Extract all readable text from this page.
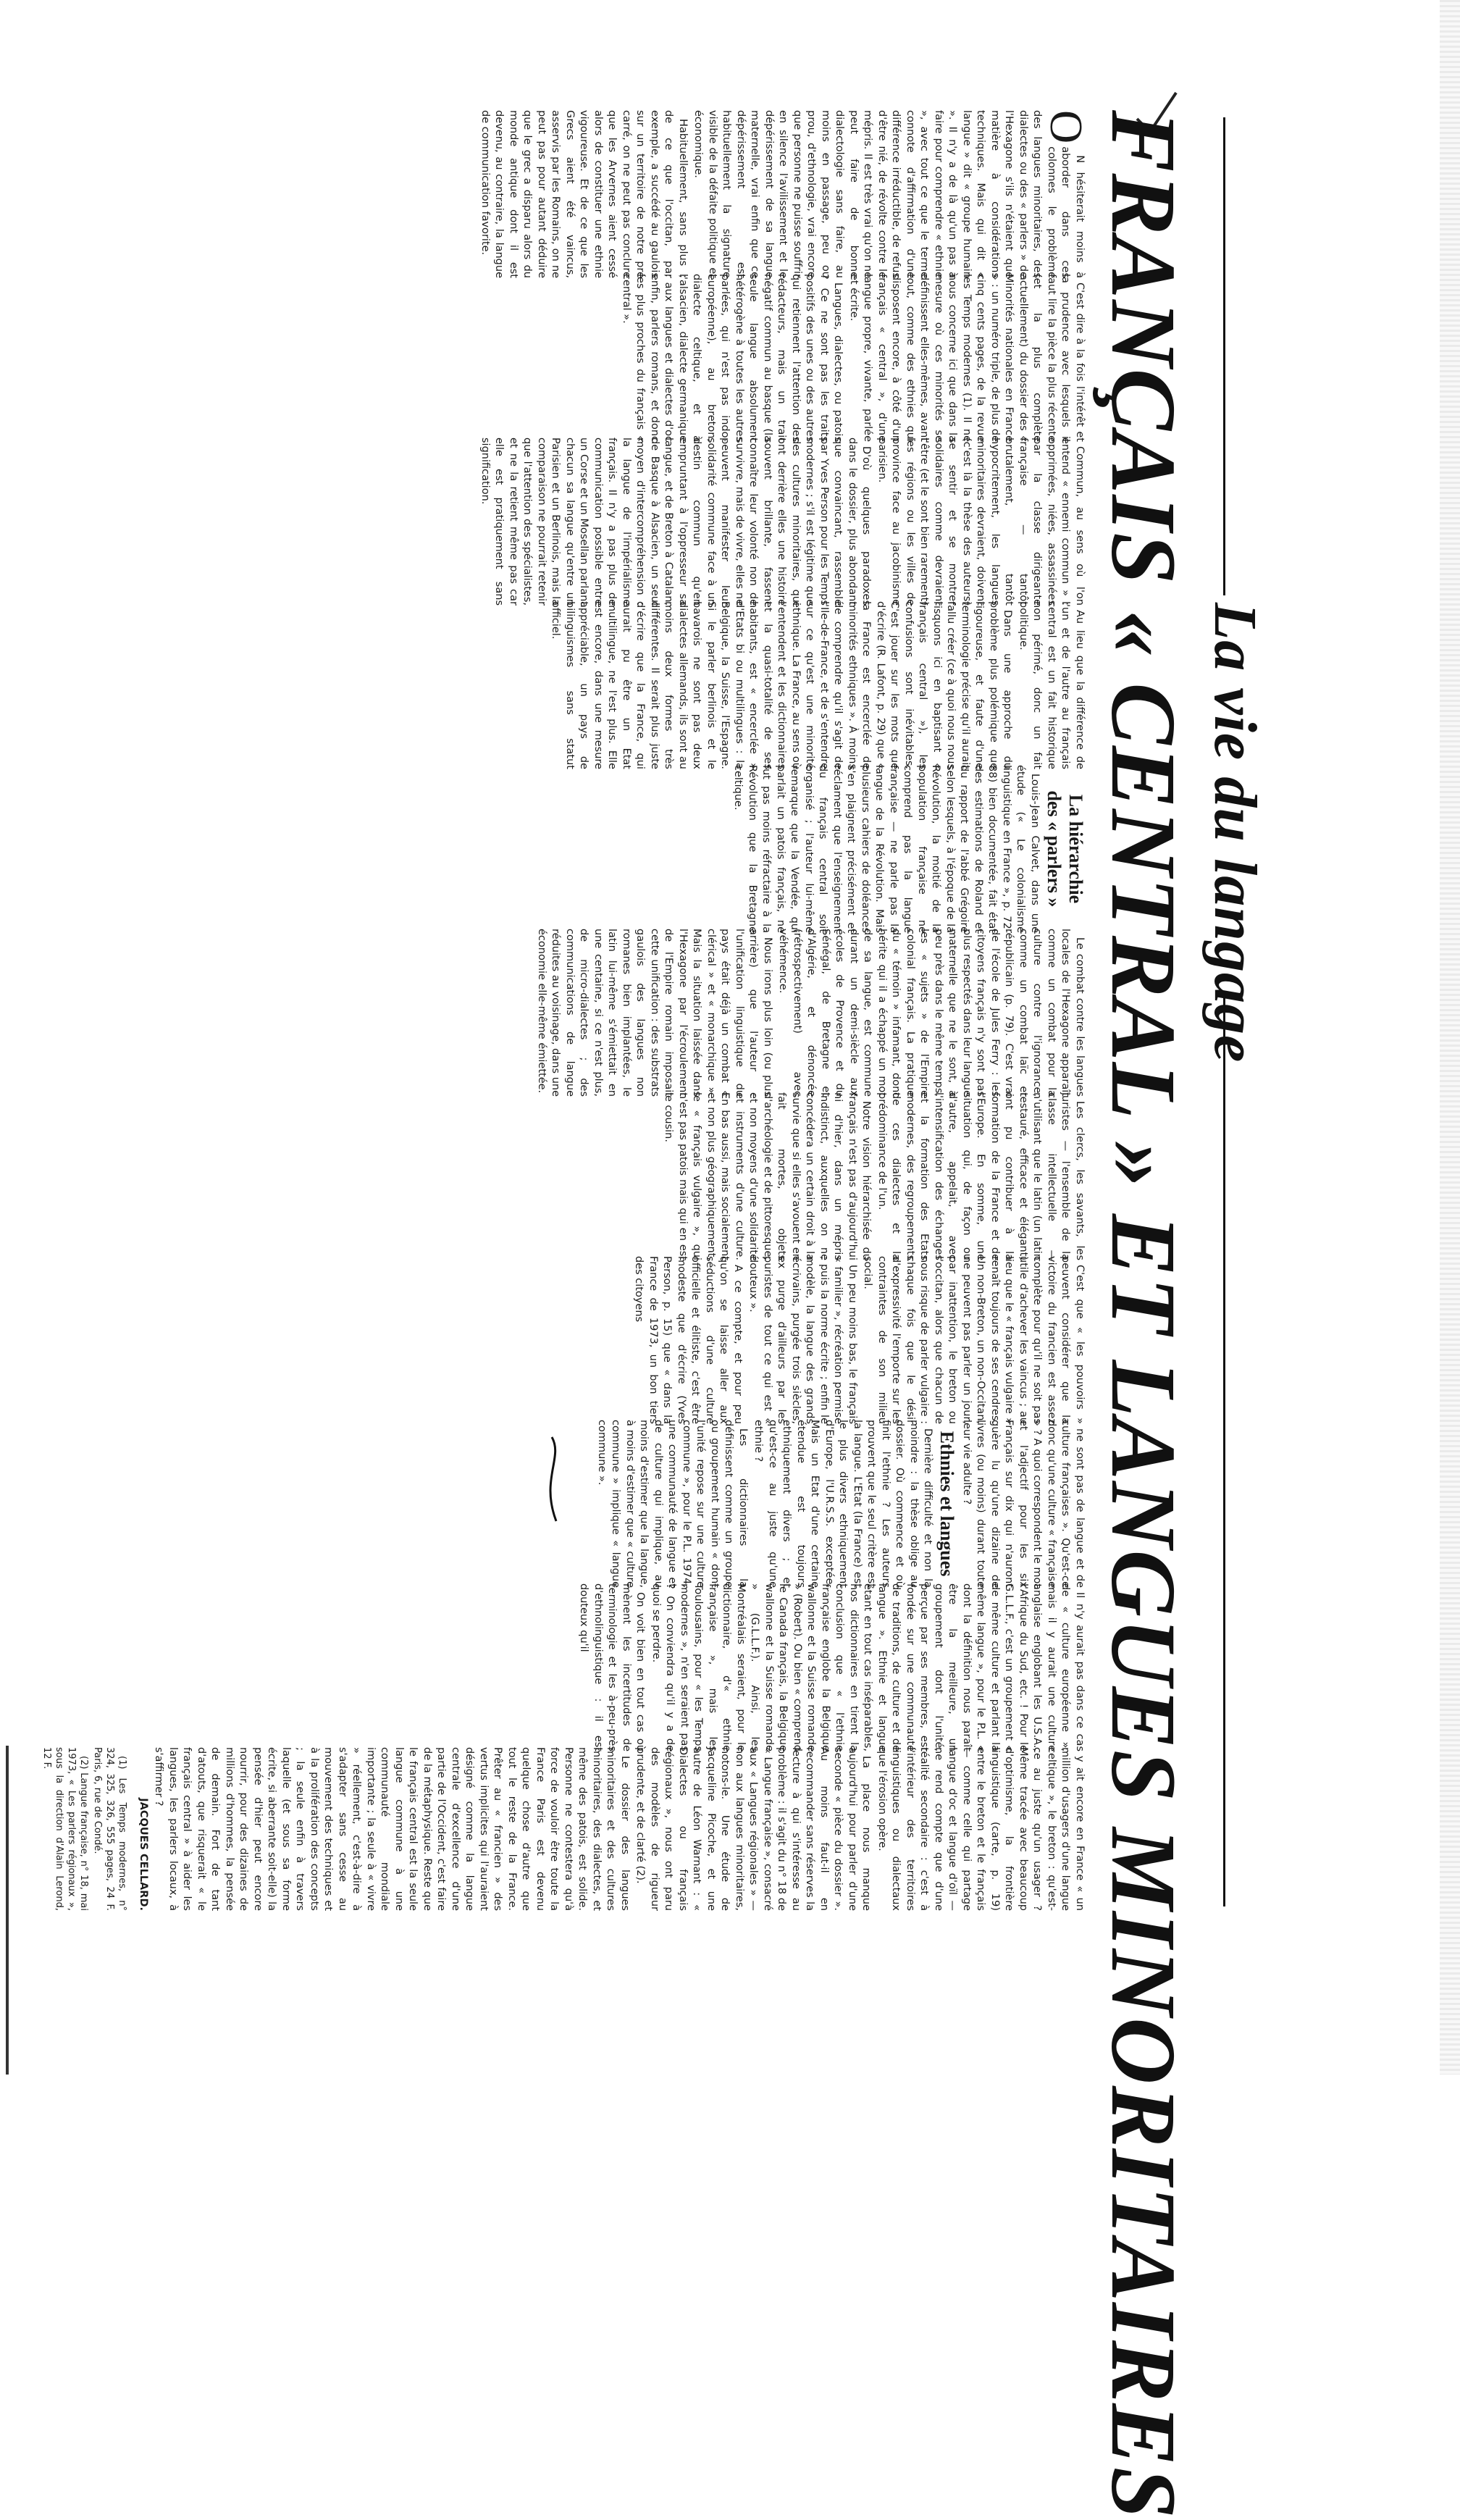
La vie du langage
FRANÇAIS « CENTRAL » ET LANGUES MINORITAIRES
O

N hésiterait moins à aborder dans ces colonnes le problème des langues minoritaires, des dialectes ou des « parlers » de l'Hexagone s'ils n'étaient que matière à considérations techniques. Mais qui dit « langue » dit « groupe humain ». Il n'y a de là qu'un pas à faire pour comprendre « ethnie », avec tout ce que le terme connote d'affirmation d'une différence irréductible, de refus d'être nié, de révolte contre le mépris. Il est très vrai qu'on ne peut faire de bonne dialectologie sans faire, au moins en passage, peu ou prou, d'ethnologie, vrai encore que personne ne puisse souffrir en silence l'avilissement et le dépérissement de sa langue maternelle, vrai enfin que ce dépérissement est habituellement la signature visible de la défaite politique et économique.

Habituellement, sans plus ; de ce que l'occitan, par exemple, a succédé au gaulois sur un territoire de notre pré carré, on ne peut pas conclure que les Arvernes aient cessé alors de constituer une ethnie vigoureuse. Et de ce que les Grecs aient été vaincus, asservis par les Romains, on ne peut pas pour autant déduire que le grec a disparu alors du monde antique dont il est devenu, au contraire, la langue de communication favorite.

C'est dire à la fois l'intérêt et la prudence avec lesquels il faut lire la pièce la plus récente (et la plus complète actuellement) du dossier des « Minorités nationales en France » : un numéro triple, de plus de cinq cents pages, de la revue les Temps modernes (1). Il ne nous concerne ici que dans la mesure où ces minorités se définissent elles-mêmes, avant tout, comme des ethnies qui disposent encore, à côté d'un français « central », d'une langue propre, vivante, parlée et écrite.

Langues, dialectes, ou patois ? Ce ne sont pas les traits positifs des unes ou des autres qui retiennent l'attention des rédacteurs, mais un trait négatif commun au basque (la seule langue absolument hétérogène à toutes les autres parlées, qui n'est pas indo-européenne), au breton, dialecte celtique, et à l'alsacien, dialecte germanique ; aux langues et dialectes d'oc enfin, parlers romans, et donc les plus proches du français « central ».

Commun, au sens où l'on entend « ennemi commun » : opprimées, niées, assassinées par la classe dirigeante française — tantôt brutalement, tantôt hypocritement, les langues minoritaires devraient, doivent (c'est là la thèse des auteurs) se sentir et se montrer solidaires comme devraient l'être (et le sont bien rarement) les régions ou les villes de province face au jacobinisme parisien.

D'où quelques paradoxes dans le dossier, plus abondant que convaincant, rassemblé par Yves Person pour les Temps modernes ; s'il est légitime que des cultures minoritaires, qui ont derrière elles une histoire souvent brillante, fassent connaître leur volonté non de survivre, mais de vivre, elles ne peuvent manifester leur solidarité commune face à un destin commun qu'en empruntant à l'oppresseur sa langue, et de Breton à Catalan, de Basque à Alsacien, un seul moyen d'intercompréhension : la langue de l'impérialisme français. Il n'y a pas plus de communication possible entre un Corse et un Mosellan parlant chacun sa langue qu'entre un Parisien et un Berlinois, mais la comparaison ne pourrait retenir que l'attention des spécialistes, et ne la retient même pas car elle est pratiquement sans signification.

Au lieu que la différence de l'un et de l'autre au français central est un fait historique non périmé, donc un fait politique.

Dans une approche du problème plus polémique que rigoureuse, et faute d'une terminologie précise qu'il aurait fallu créer (ce à quoi nous nous risquons ici en baptisant « français central »), les confusions sont inévitables. C'est jouer sur les mots que d'écrire (R. Lafont, p. 29) que « la France est encerclée de minorités ethniques ». À moins de comprendre qu'il s'agit de l'Ile-de-France, et de s'entendre sur ce qu'est une minorité ethnique. La France, au sens où l'entendent et les dictionnaires et la quasi-totalité de ses habitants, est « encerclée » d'Etats bi ou multilingues : la Belgique, la Suisse, l'Espagne. Si le parler berlinois et le bavarois ne sont pas deux dialectes allemands, ils sont au moins deux formes très différentes. Il serait plus juste d'écrire que la France, qui aurait pu être un Etat multilingue, ne l'est plus. Elle est encore, dans une mesure appréciable, un pays de bilinguismes sans statut officiel.

La hiérarchie
des « parlers »

Louis-Jean Calvet, dans une étude (« Le colonialisme linguistique en France », p. 72-88) bien documentée, fait état des estimations de Roland et du rapport de l'abbé Grégoire selon lesquels, à l'époque de la Révolution, la moitié de la population française ne comprend pas la langue française — ne parle pas la langue de la Révolution. Mais plusieurs cahiers de doléances s'en plaignent précisément et réclament que l'enseignement du français central soit organisé ; l'auteur lui-même remarque que la Vendée, qui parlait un patois français, ne fut pas moins réfractaire à la Révolution que la Bretagne celtique.

Le combat contre les langues locales de l'Hexagone apparaît comme un combat pour la culture contre l'ignorance, comme un combat laïc et républicain (p. 79). C'est vrai de l'école de Jules Ferry : les citoyens français n'y sont pas plus respectés dans leur langue maternelle que ne le sont, à peu près dans le même temps, les « sujets » de l'Empire colonial français. La pratique du « témoin » infamant, dont hérite qui il a échappé un mot de sa langue, est commune durant un demi-siècle aux écoles de Provence et du Sénégal, de Bretagne et d'Algérie, et dénoncée (rétrospectivement) avec véhémence.

Nous irons plus loin (ou plus arrière) que l'auteur : l'unification linguistique du pays était déjà un combat « clérical » et « monarchique ». Mais la situation laissée dans l'Hexagone par l'écroulement de l'Empire romain imposait cette unification : des substrats gaulois des langues non romanes bien implantées, le latin lui-même s'émiettait en une centaine, si ce n'est plus, de micro-dialectes ; des communications de langue réduites au voisinage, dans une économie elle-même émiettée.

Les clercs, les savants, les juristes — l'ensemble de la classe intellectuelle — n'utilisant que le latin (un latin restauré, efficace et élégant) ont pu contribuer à la formation de la France et de l'Europe. En somme, une situation qui, de façon ou d'autre, appelait, avec l'intensification des échanges et la formation des Etats modernes, des regroupements de ces dialectes et la prédominance de l'un.

Notre vision hiérarchisée du français n'est pas d'aujourd'hui ni d'hier, dans un mépris indistinct, auxquelles on ne concédera un certain droit à la survie que si elles s'avouent en fait mortes, objets d'archéologie et de pittoresque, et non moyens d'une solidarité et instruments d'une culture. En bas aussi, mais socialement et non plus géographiquement, le « français vulgaire », qui n'est pas patois mais qui en est le cousin.

C'est que « les pouvoirs » peuvent considérer que la victoire du francien est assez complète pour qu'il ne soit pas utile d'achever les vaincus ; au lieu que le « français vulgaire » renaît toujours de ses cendres. Un non-Breton, un non-Occitan, ne peuvent pas parler un jour, par inattention, le breton ou l'occitan, alors que chacun de nous risque de parler vulgaire : chaque fois que le désir d'expressivité l'emporte sur les contraintes de son milieu social.

Un peu moins bas, le français « familier », récréation permise ; puis la norme écrite ; enfin le modèle, la langue des grands écrivains, purgée trois siècles, ex purge d'ailleurs par les puristes de tout ce qui est « douteux ».

A ce compte, et pour peu qu'on se laisse aller aux séductions d'une culture officielle et élitiste, c'est être modeste que d'écrire (Yves Person, p. 15) que « dans la France de 1973, un bon tiers des citoyens

ne sont pas de langue et de culture françaises ». Qu'est-ce donc qu'une culture « française » ? A quoi correspondent le mot et l'adjectif pour les six Français sur dix qui n'auront guère lu qu'une dizaine de livres (ou moins) durant toute leur vie adulte ?

Ethnies et langues

Dernière difficulté et non la moindre : la thèse oblige au dossier. Où commence et où finit l'ethnie ? Les auteurs prouvent que le seul critère est la langue. L'Etat (la France) est le plus divers ethniquement d'Europe, l'U.R.S.S. exceptée. Mais un Etat d'une certaine étendue est toujours ethniquement divers ; et qu'est-ce au juste qu'une ethnie ?

Les dictionnaires la définissent comme un groupe ou groupement humain « dont l'unité repose sur une culture commune », pour le P.L. 1974, une communauté de langue et de culture qui implique, au moins d'estimer que la langue, à moins d'estimer que « culture commune » implique « langue commune ».

Il n'y aurait pas dans ce cas de « culture européenne », mais il y aurait une culture anglaise englobant les U.S.A., l'Afrique du Sud, etc. ! Pour le G.L.L.F., c'est un groupement « de même culture et parlant la même langue », pour le P.L. « dont la définition nous paraît être la meilleure, un groupement dont l'unité, perçue par ses membres, est fondée sur une communauté de traditions, de culture et de langue ». Ethnie et langue étant en tout cas inséparables, nos dictionnaires en tirent la conclusion que « l'ethnie française englobe la Belgique wallonne et la Suisse romande » (Robert). Ou bien « comprend le Canada français, la Belgique wallonne et la Suisse romande » (G.L.L.F.). Ainsi, les Montréalais seraient, pour le dictionnaire, d'« ethnie française », mais les Toulousains, pour « les Temps modernes », n'en seraient pas ? On conviendra qu'il y a de quoi se perdre.

On voit bien en tout cas où mènent les incertitudes de terminologie et les à-peu-près d'ethnolinguistique : il est douteux qu'il

y ait encore en France « un million d'usagers d'une langue celtique », le breton : qu'est-ce au juste qu'un usager ? Même tracée avec beaucoup d'optimisme, la frontière linguistique (carte, p. 19) entre le breton et le français — comme celle qui partage langue d'oc et langue d'oïl — ne rend compte que d'une réalité secondaire : c'est à l'intérieur des territoires linguistiques ou dialectaux que l'érosion opère.

La place nous manque aujourd'hui pour parler d'une seconde « pièce du dossier ». Au moins faut-il en recommander sans réserves la lecture à qui s'intéresse au problème : il s'agit du n° 18 de « Langue française », consacré aux « Langues régionales » — non aux langues minoritaires, notons-le. Une étude de Jacqueline Picoche, et une autre de Léon Warnant : « Dialectes ou français régionaux », nous ont paru des modèles de rigueur prudente, et de clarté (2).

Le dossier des langues minoritaires et des cultures minoritaires, des dialectes, et même des patois, est solide. Personne ne contestera qu'à force de vouloir être toute la France Paris est devenu quelque chose d'autre que tout le reste de la France. Prêter au « francien » des vertus implicites qui l'auraient désigné comme la langue centrale d'excellence d'une partie de l'Occident, c'est faire de la métaphysique. Reste que le français central est la seule langue commune à une communauté mondiale importante ; la seule à « vivre » réellement, c'est-à-dire à s'adapter sans cesse au mouvement des techniques et à la prolifération des concepts ; la seule enfin à travers laquelle (et sous sa forme écrite, si aberrante soit-elle) la pensée d'hier peut encore nourrir, pour des dizaines de millions d'hommes, la pensée de demain. Fort de tant d'atouts, que risquerait « le français central » à aider les langues, les parlers locaux, à s'affirmer ?

JACQUES CELLARD.

(1) Les Temps modernes, n° 324, 325, 326, 555 pages, 24 F. Paris, 6, rue de Condé.

(2) Langue française, n° 18, mai 1973, « Les parlers régionaux », sous la direction d'Alain Lerond, 12 F.
